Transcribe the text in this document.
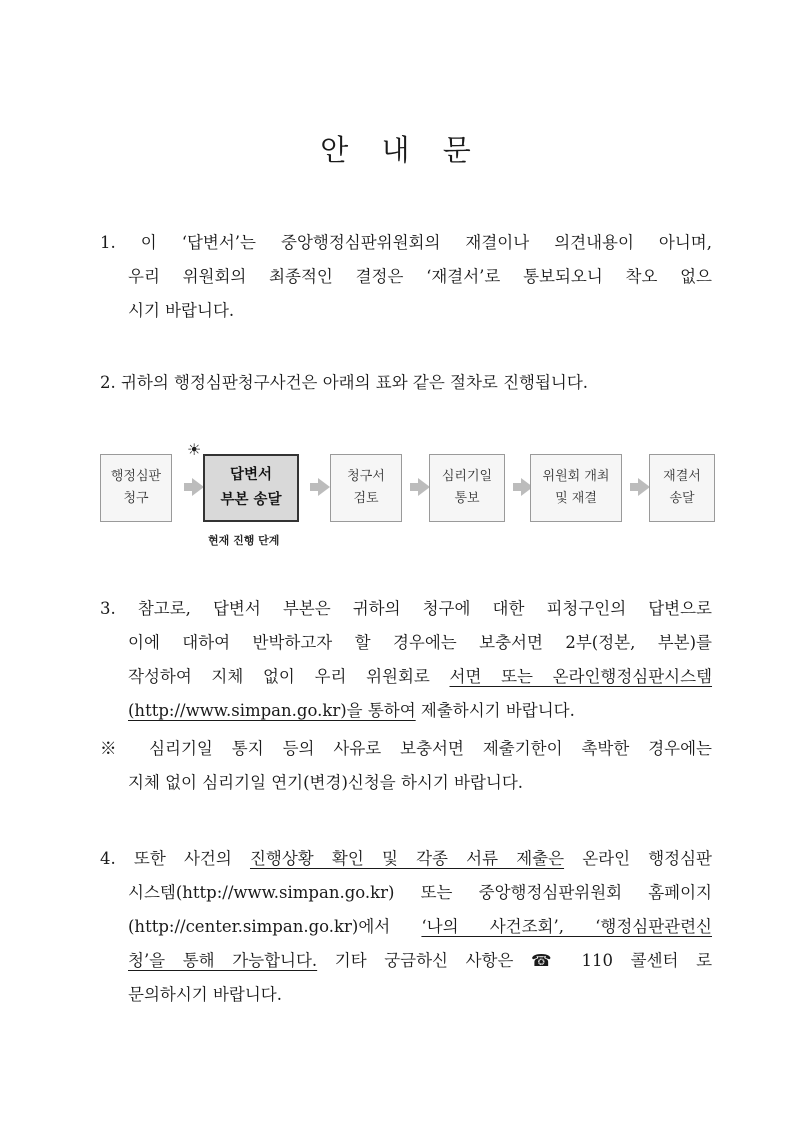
안 내 문
1. 이 ‘답변서’는 중앙행정심판위원회의 재결이나 의견내용이 아니며,
우리 위원회의 최종적인 결정은 ‘재결서’로 통보되오니 착오 없으
시기 바랍니다.
2. 귀하의 행정심판청구사건은 아래의 표와 같은 절차로 진행됩니다.
☀
행정심판
청구
답변서
부본 송달
청구서
검토
심리기일
통보
위원회 개최
및 재결
재결서
송달
현재 진행 단계
3. 참고로, 답변서 부본은 귀하의 청구에 대한 피청구인의 답변으로
이에 대하여 반박하고자 할 경우에는 보충서면 2부(정본, 부본)를
작성하여 지체 없이 우리 위원회로 서면 또는 온라인행정심판시스템
(http://www.simpan.go.kr)을 통하여 제출하시기 바랍니다.
※ 심리기일 통지 등의 사유로 보충서면 제출기한이 촉박한 경우에는
지체 없이 심리기일 연기(변경)신청을 하시기 바랍니다.
4. 또한 사건의 진행상황 확인 및 각종 서류 제출은 온라인 행정심판
시스템(http://www.simpan.go.kr) 또는 중앙행정심판위원회 홈페이지
(http://center.simpan.go.kr)에서 ‘나의 사건조회’, ‘행정심판관련신
청’을 통해 가능합니다. 기타 궁금하신 사항은 ☎ 110 콜센터 로
문의하시기 바랍니다.
